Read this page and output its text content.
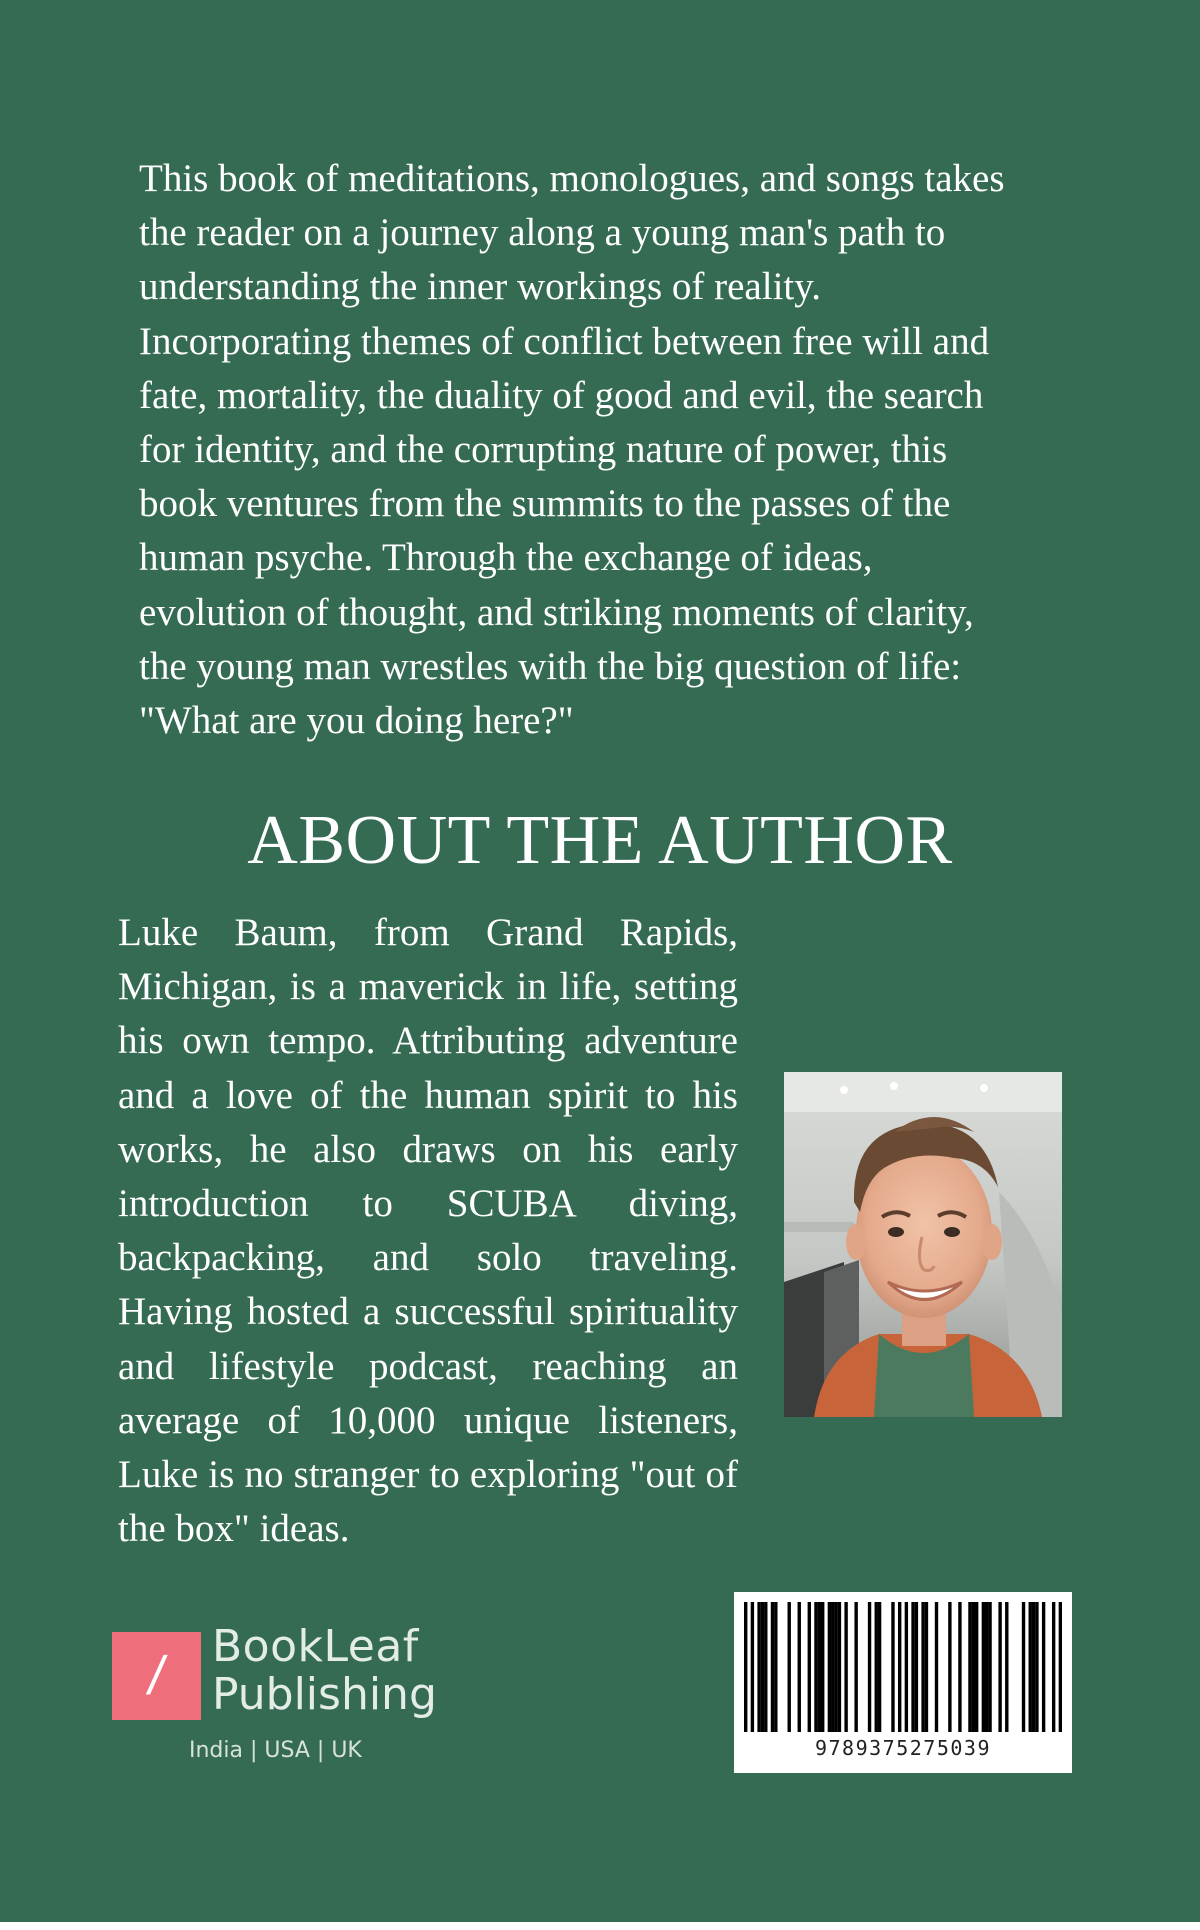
This book of meditations, monologues, and songs takes
the reader on a journey along a young man's path to
understanding the inner workings of reality.
Incorporating themes of conflict between free will and
fate, mortality, the duality of good and evil, the search
for identity, and the corrupting nature of power, this
book ventures from the summits to the passes of the
human psyche. Through the exchange of ideas,
evolution of thought, and striking moments of clarity,
the young man wrestles with the big question of life:
"What are you doing here?"

ABOUT THE AUTHOR

Luke Baum, from Grand Rapids, Michigan, is a maverick in life, setting his own tempo. Attributing adventure and a love of the human spirit to his works, he also draws on his early introduction to SCUBA diving, backpacking, and solo traveling. Having hosted a successful spirituality and lifestyle podcast, reaching an average of 10,000 unique listeners, Luke is no stranger to exploring "out of the box" ideas.

/ BookLeaf
Publishing
India | USA | UK	9789375275039
